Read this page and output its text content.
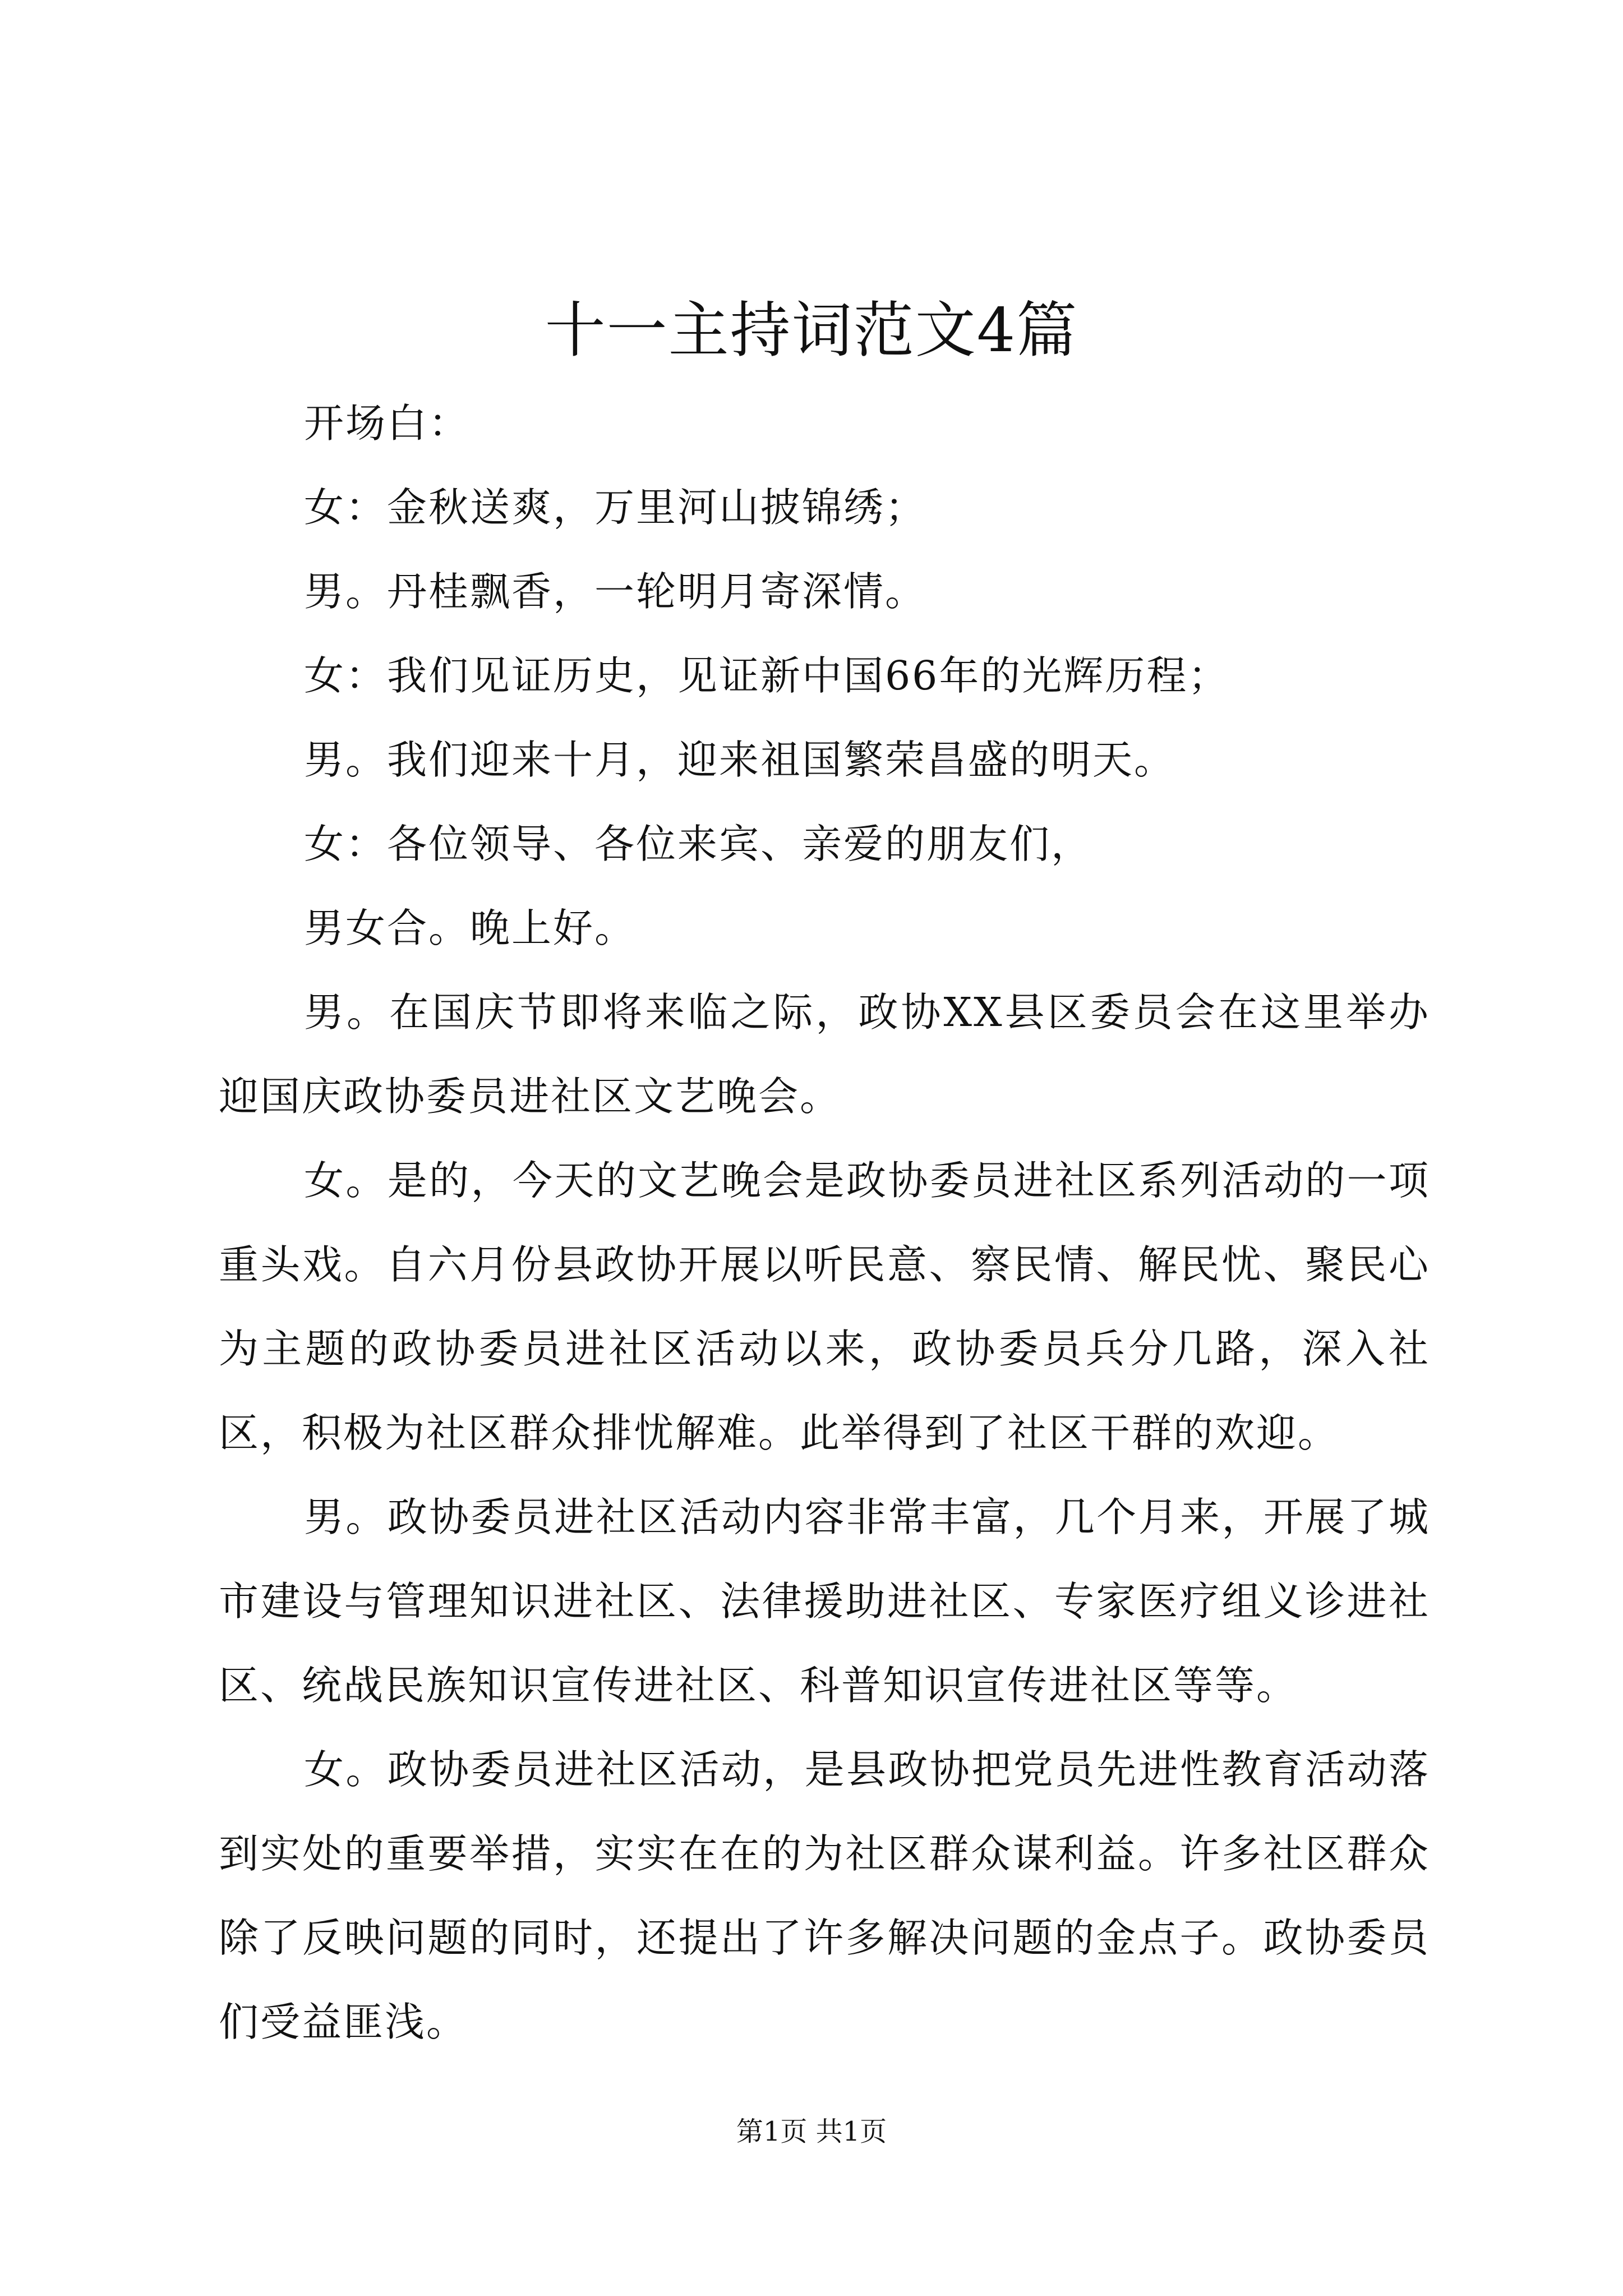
十一主持词范文4篇

开场白：

女：金秋送爽，万里河山披锦绣；

男。丹桂飘香，一轮明月寄深情。

女：我们见证历史，见证新中国66年的光辉历程；

男。我们迎来十月，迎来祖国繁荣昌盛的明天。

女：各位领导、各位来宾、亲爱的朋友们，

男女合。晚上好。

男。在国庆节即将来临之际，政协XX县区委员会在这里举办迎国庆政协委员进社区文艺晚会。

女。是的，今天的文艺晚会是政协委员进社区系列活动的一项重头戏。自六月份县政协开展以听民意、察民情、解民忧、聚民心为主题的政协委员进社区活动以来，政协委员兵分几路，深入社区，积极为社区群众排忧解难。此举得到了社区干群的欢迎。

男。政协委员进社区活动内容非常丰富，几个月来，开展了城市建设与管理知识进社区、法律援助进社区、专家医疗组义诊进社区、统战民族知识宣传进社区、科普知识宣传进社区等等。

女。政协委员进社区活动，是县政协把党员先进性教育活动落到实处的重要举措，实实在在的为社区群众谋利益。许多社区群众除了反映问题的同时，还提出了许多解决问题的金点子。政协委员们受益匪浅。

第1页 共1页
